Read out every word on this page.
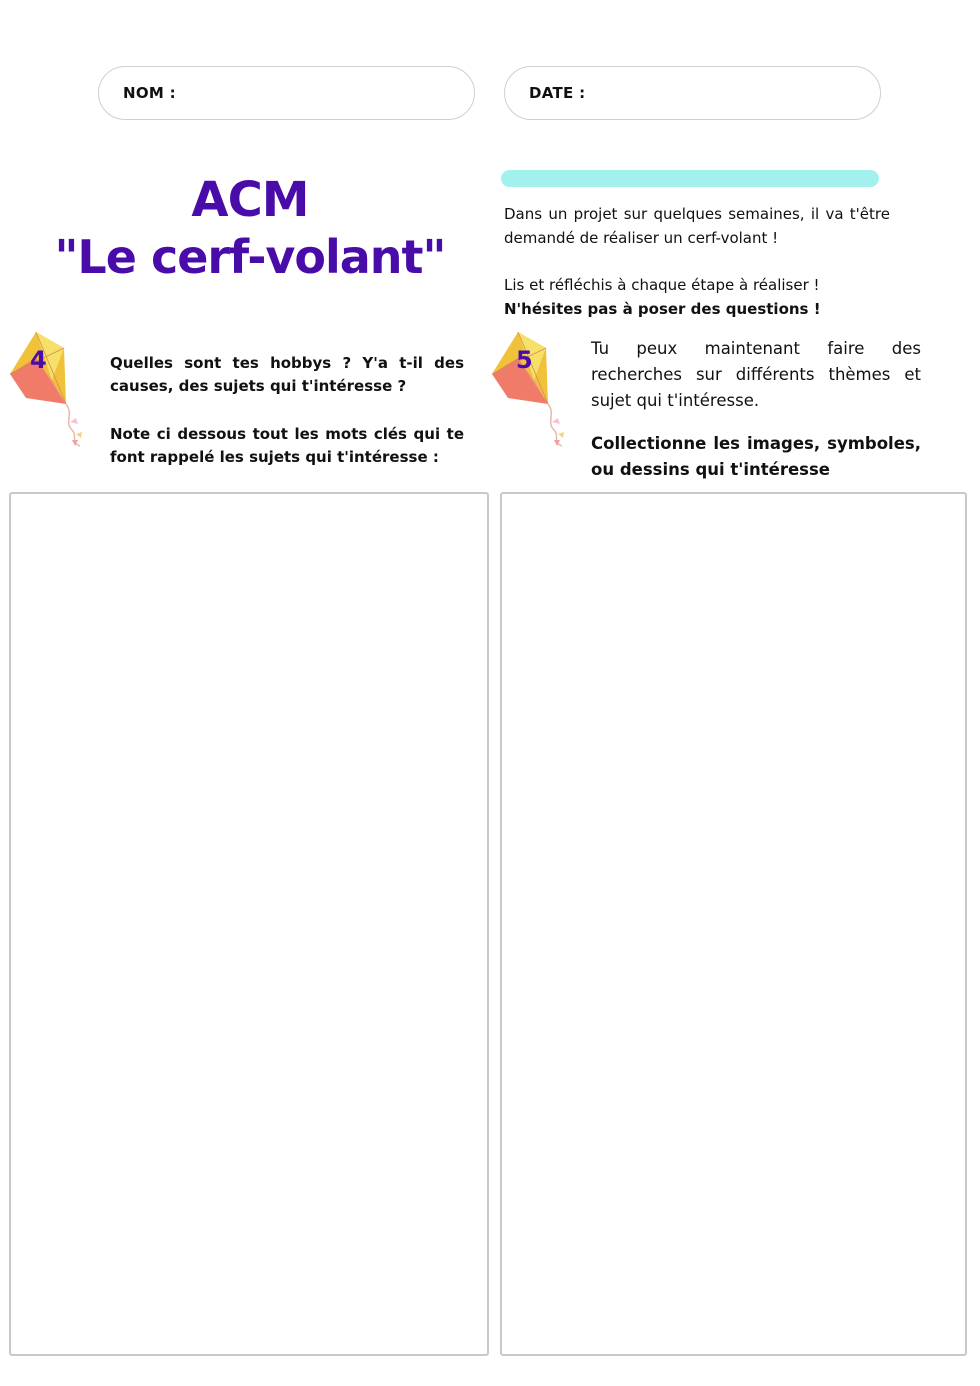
NOM :	DATE :
ACM
"Le cerf-volant"
Dans un projet sur quelques semaines, il va t'être demandé de réaliser un cerf-volant !
Lis et réfléchis à chaque étape à réaliser !
N'hésites pas à poser des questions !
4	Quelles sont tes hobbys ? Y'a t-il des causes, des sujets qui t'intéresse ?
Note ci dessous tout les mots clés qui te font rappelé les sujets qui t'intéresse :
5	Tu peux maintenant faire des recherches sur différents thèmes et sujet qui t'intéresse.
Collectionne les images, symboles, ou dessins qui t'intéresse
